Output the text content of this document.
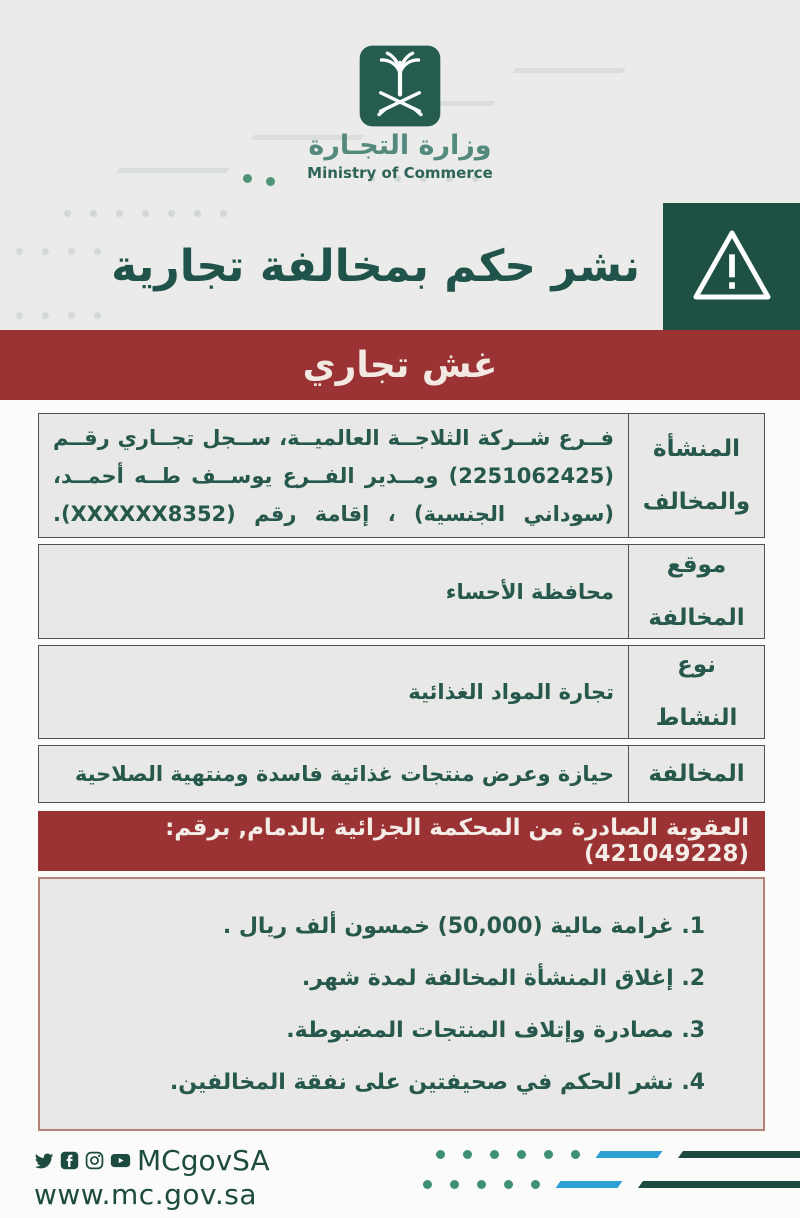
وزارة التجـارة
Ministry of Commerce
نشر حكم بمخالفة تجارية
غش تجاري
المنشأة والمخالف
فــرع شــركة الثلاجــة العالميــة، ســجل تجــاري رقــم (2251062425) ومــدير الفــرع يوســف طــه أحمــد، (سوداني الجنسية) ، إقامة رقم (XXXXXX8352).
موقع المخالفة
محافظة الأحساء
نوع النشاط
تجارة المواد الغذائية
المخالفة
حيازة وعرض منتجات غذائية فاسدة ومنتهية الصلاحية
العقوبة الصادرة من المحكمة الجزائية بالدمام, برقم: (421049228)
1. غرامة مالية (50,000) خمسون ألف ريال .
2. إغلاق المنشأة المخالفة لمدة شهر.
3. مصادرة وإتلاف المنتجات المضبوطة.
4. نشر الحكم في صحيفتين على نفقة المخالفين.
MCgovSA
www.mc.gov.sa
